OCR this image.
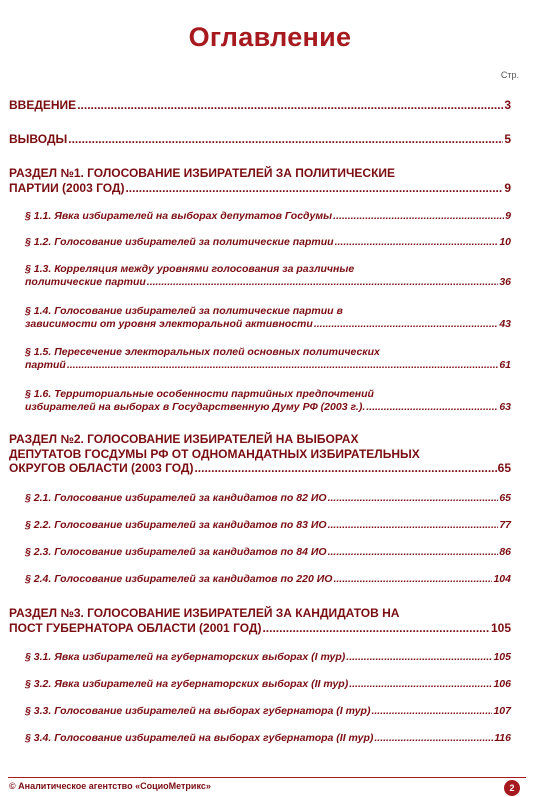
Оглавление
Стр.
ВВЕДЕНИЕ .....	3
ВЫВОДЫ .....	5
РАЗДЕЛ №1. ГОЛОСОВАНИЕ ИЗБИРАТЕЛЕЙ ЗА ПОЛИТИЧЕСКИЕ
ПАРТИИ (2003 ГОД) .....	9
§ 1.1. Явка избирателей на выборах депутатов Госдумы .....	9
§ 1.2. Голосование избирателей за политические партии .....	10
§ 1.3. Корреляция между уровнями голосования за различные
политические партии .....	36
§ 1.4. Голосование избирателей за политические партии в
зависимости от уровня электоральной активности .....	43
§ 1.5. Пересечение электоральных полей основных политических
партий .....	61
§ 1.6. Территориальные особенности партийных предпочтений
избирателей на выборах в Государственную Думу РФ (2003 г.). .....	63
РАЗДЕЛ №2. ГОЛОСОВАНИЕ ИЗБИРАТЕЛЕЙ НА ВЫБОРАХ
ДЕПУТАТОВ ГОСДУМЫ РФ ОТ ОДНОМАНДАТНЫХ ИЗБИРАТЕЛЬНЫХ
ОКРУГОВ ОБЛАСТИ (2003 ГОД) .....	65
§ 2.1. Голосование избирателей за кандидатов по 82 ИО .....	65
§ 2.2. Голосование избирателей за кандидатов по 83 ИО .....	77
§ 2.3. Голосование избирателей за кандидатов по 84 ИО .....	86
§ 2.4. Голосование избирателей за кандидатов по 220 ИО .....	104
РАЗДЕЛ №3. ГОЛОСОВАНИЕ ИЗБИРАТЕЛЕЙ ЗА КАНДИДАТОВ НА
ПОСТ ГУБЕРНАТОРА ОБЛАСТИ (2001 ГОД) .....	105
§ 3.1. Явка избирателей на губернаторских выборах (I тур) .....	105
§ 3.2. Явка избирателей на губернаторских выборах (II тур) .....	106
§ 3.3. Голосование избирателей на выборах губернатора (I тур) .....	107
§ 3.4. Голосование избирателей на выборах губернатора (II тур) .....	116
© Аналитическое агентство «СоциоМетрикс»	2
